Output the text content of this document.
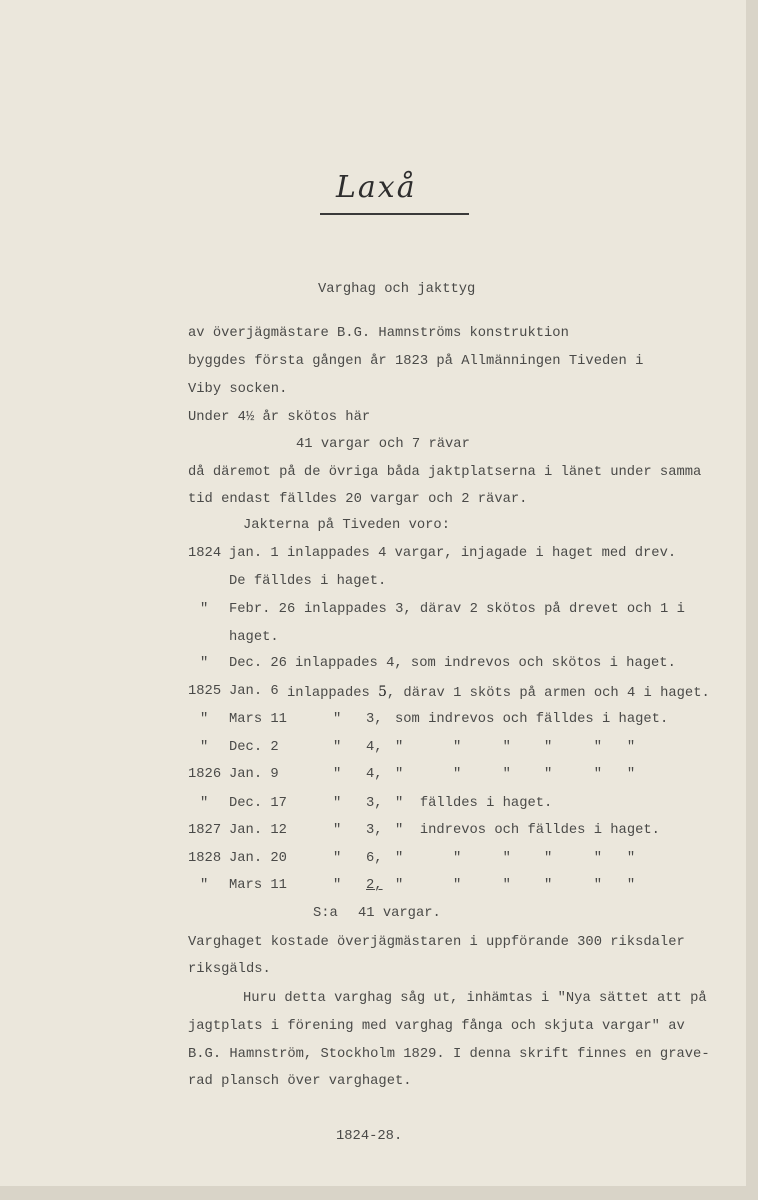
Laxå
Varghag och jakttyg
av överjägmästare B.G. Hamnströms konstruktion
byggdes första gången år 1823 på Allmänningen Tiveden i
Viby socken.
Under 4½ år skötos här
41 vargar och 7 rävar
då däremot på de övriga båda jaktplatserna i länet under samma
tid endast fälldes 20 vargar och 2 rävar.
Jakterna på Tiveden voro:
1824 jan. 1 inlappades 4 vargar, injagade i haget med drev.
De fälldes i haget.
" Febr. 26 inlappades 3, därav 2 skötos på drevet och 1 i
haget.
" Dec. 26 inlappades 4, som indrevos och skötos i haget.
1825 Jan. 6 inlappades 5, därav 1 sköts på armen och 4 i haget.
" Mars 11	" 3, som indrevos och fälldes i haget.
" Dec. 2	" 4, "      "     "    "     "   "
1826 Jan. 9	" 4, "      "     "    "     "   "
" Dec. 17	" 3, "  fälldes i haget.
1827 Jan. 12	" 3, "  indrevos och fälldes i haget.
1828 Jan. 20	" 6, "      "     "    "     "   "
" Mars 11	"	2, "      "     "    "     "   "
S:a 41 vargar.
Varghaget kostade överjägmästaren i uppförande 300 riksdaler
riksgälds.
Huru detta varghag såg ut, inhämtas i "Nya sättet att på
jagtplats i förening med varghag fånga och skjuta vargar" av
B.G. Hamnström, Stockholm 1829. I denna skrift finnes en grave-
rad plansch över varghaget.
1824-28.
